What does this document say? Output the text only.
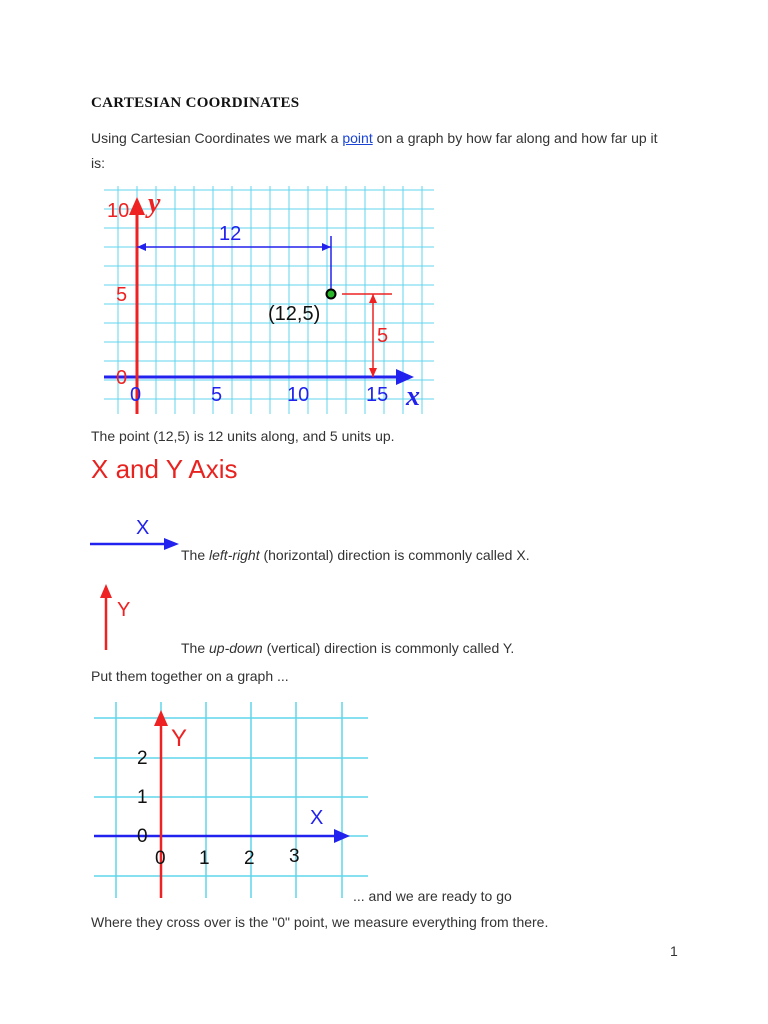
CARTESIAN COORDINATES
Using Cartesian Coordinates we mark a point on a graph by how far along and how far up it is:
0	5	10	15
0
5
10
x
y
12
5
(12,5)
The point (12,5) is 12 units along, and 5 units up.
X and Y Axis
X
The left-right (horizontal) direction is commonly called X.
Y
The up-down (vertical) direction is commonly called Y.
Put them together on a graph ...
0 1 2 3
0
1
2
X
Y
... and we are ready to go
Where they cross over is the "0" point, we measure everything from there.
1
